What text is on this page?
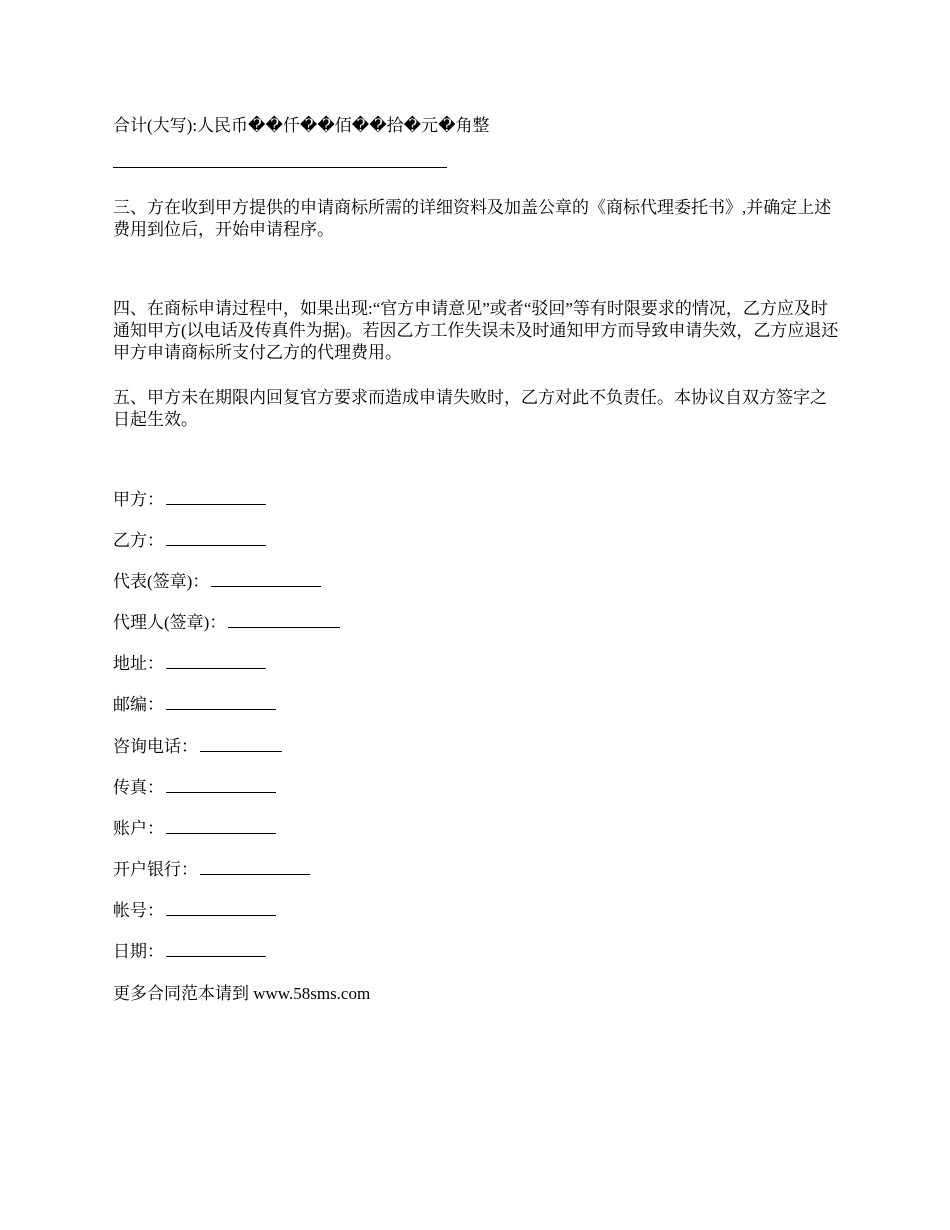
合计(大写):人民币��仟��佰��拾�元�角整
三、方在收到甲方提供的申请商标所需的详细资料及加盖公章的《商标代理委托书》,并确定上述费用到位后，开始申请程序。
四、在商标申请过程中，如果出现:“官方申请意见”或者“驳回”等有时限要求的情况，乙方应及时通知甲方(以电话及传真件为据)。若因乙方工作失误未及时通知甲方而导致申请失效，乙方应退还甲方申请商标所支付乙方的代理费用。
五、甲方未在期限内回复官方要求而造成申请失败时，乙方对此不负责任。本协议自双方签字之日起生效。
甲方：
乙方：
代表(签章)：
代理人(签章)：
地址：
邮编：
咨询电话：
传真：
账户：
开户银行：
帐号：
日期：
更多合同范本请到 www.58sms.com
